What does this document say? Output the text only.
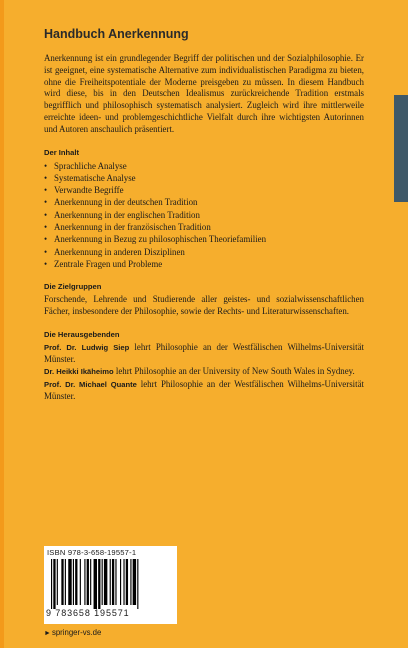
Handbuch Anerkennung

Anerkennung ist ein grundlegender Begriff der politischen und der Sozialphilosophie. Er ist geeignet, eine systematische Alternative zum individualistischen Paradigma zu bieten, ohne die Freiheitspotentiale der Moderne preisgeben zu müssen. In diesem Handbuch wird diese, bis in den Deutschen Idealismus zurückreichende Tradition erstmals begrifflich und philosophisch systematisch analysiert. Zugleich wird ihre mittlerweile erreichte ideen- und problemgeschichtliche Vielfalt durch ihre wichtigsten Autorinnen und Autoren anschaulich präsentiert.

Der Inhalt
• Sprachliche Analyse
• Systematische Analyse
• Verwandte Begriffe
• Anerkennung in der deutschen Tradition
• Anerkennung in der englischen Tradition
• Anerkennung in der französischen Tradition
• Anerkennung in Bezug zu philosophischen Theoriefamilien
• Anerkennung in anderen Disziplinen
• Zentrale Fragen und Probleme
Die Zielgruppen

Forschende, Lehrende und Studierende aller geistes- und sozialwissenschaftlichen Fächer, insbesondere der Philosophie, sowie der Rechts- und Literaturwissenschaften.

Die Herausgebenden

Prof. Dr. Ludwig Siep lehrt Philosophie an der Westfälischen Wilhelms-Universität Münster.

Dr. Heikki Ikäheimo lehrt Philosophie an der University of New South Wales in Sydney.

Prof. Dr. Michael Quante lehrt Philosophie an der Westfälischen Wilhelms-Universität Münster.

ISBN 978-3-658-19557-1
9 783658 195571
►springer-vs.de
